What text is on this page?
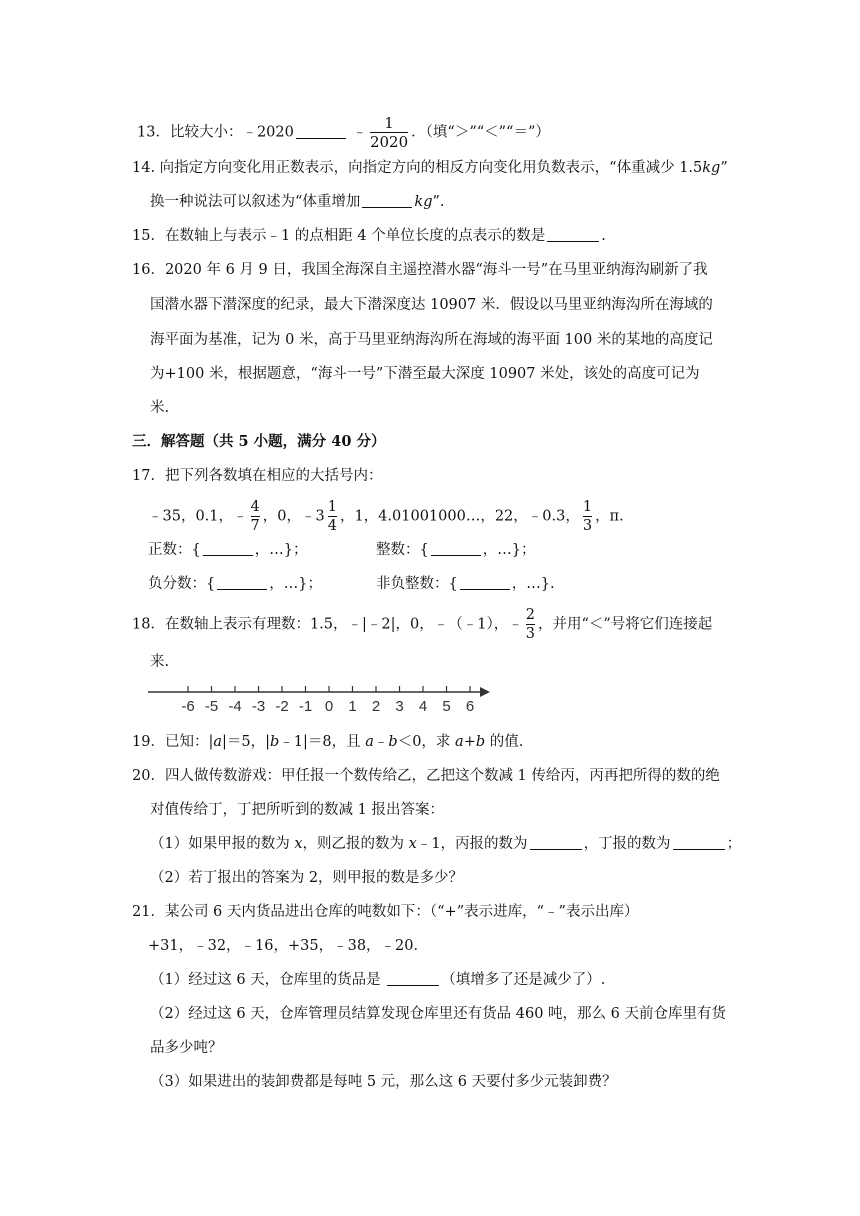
13．比较大小：﹣2020	﹣ $\frac{1}{2020}$ ．（填“＞”“＜”“＝”）
14. 向指定方向变化用正数表示，向指定方向的相反方向变化用负数表示，“体重减少 1.5kg”
换一种说法可以叙述为“体重增加	kg”.
15．在数轴上与表示﹣1 的点相距 4 个单位长度的点表示的数是	.
16．2020 年 6 月 9 日，我国全海深自主遥控潜水器“海斗一号”在马里亚纳海沟刷新了我
国潜水器下潜深度的纪录，最大下潜深度达 10907 米．假设以马里亚纳海沟所在海域的
海平面为基准，记为 0 米，高于马里亚纳海沟所在海域的海平面 100 米的某地的高度记
为+100 米，根据题意，“海斗一号”下潜至最大深度 10907 米处，该处的高度可记为
米.
三．解答题（共 5 小题，满分 40 分）
17．把下列各数填在相应的大括号内：
﹣35，0.1，﹣ $\frac{4}{7}$ ，0，﹣3 $\frac{1}{4}$ ，1，4.01001000…，22，﹣0.3， $\frac{1}{3}$ ，π.
正数：{	，…}；	整数：{	，…}；
负分数：{	，…}；	非负整数：{	，…}.
18．在数轴上表示有理数：1.5，﹣|﹣2|，0，﹣（﹣1），﹣ $\frac{2}{3}$ ，并用“＜”号将它们连接起
来.
-6 -5 -4 -3 -2 -1 0 1 2 3 4 5 6
19．已知：|a|＝5，|b﹣1|＝8，且 a﹣b＜0，求 a+b 的值.
20．四人做传数游戏：甲任报一个数传给乙，乙把这个数减 1 传给丙，丙再把所得的数的绝
对值传给丁，丁把所听到的数减 1 报出答案：
（1）如果甲报的数为 x，则乙报的数为 x﹣1，丙报的数为	，丁报的数为	；
（2）若丁报出的答案为 2，则甲报的数是多少？
21．某公司 6 天内货品进出仓库的吨数如下：（“+”表示进库，“﹣”表示出库）
+31，﹣32，﹣16，+35，﹣38，﹣20．
（1）经过这 6 天，仓库里的货品是	（填增多了还是减少了）.
（2）经过这 6 天，仓库管理员结算发现仓库里还有货品 460 吨，那么 6 天前仓库里有货
品多少吨？
（3）如果进出的装卸费都是每吨 5 元，那么这 6 天要付多少元装卸费？
